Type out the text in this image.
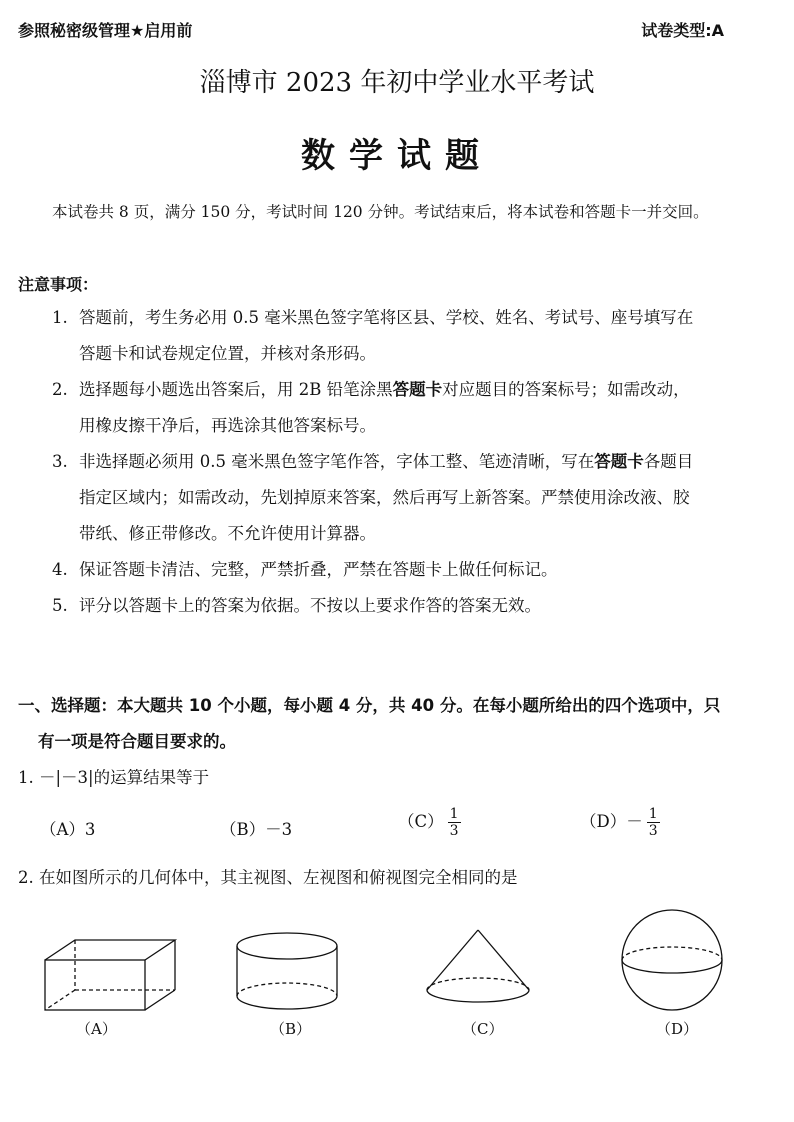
参照秘密级管理★启用前	试卷类型:A
淄博市 2023 年初中学业水平考试
数学试题
本试卷共 8 页，满分 150 分，考试时间 120 分钟。考试结束后，将本试卷和答题卡一并交回。
注意事项：
1. 答题前，考生务必用 0.5 毫米黑色签字笔将区县、学校、姓名、考试号、座号填写在
答题卡和试卷规定位置，并核对条形码。
2. 选择题每小题选出答案后，用 2B 铅笔涂黑答题卡对应题目的答案标号；如需改动，
用橡皮擦干净后，再选涂其他答案标号。
3. 非选择题必须用 0.5 毫米黑色签字笔作答，字体工整、笔迹清晰，写在答题卡各题目
指定区域内；如需改动，先划掉原来答案，然后再写上新答案。严禁使用涂改液、胶
带纸、修正带修改。不允许使用计算器。
4. 保证答题卡清洁、完整，严禁折叠，严禁在答题卡上做任何标记。
5. 评分以答题卡上的答案为依据。不按以上要求作答的答案无效。
一、选择题：本大题共 10 个小题，每小题 4 分，共 40 分。在每小题所给出的四个选项中，只
有一项是符合题目要求的。
1. －|－3|的运算结果等于
（A）3	（B）－3	$(C) \frac{1}{3}$	$(D)- \frac{1}{3}$
2. 在如图所示的几何体中，其主视图、左视图和俯视图完全相同的是
（A）	（B）	（C）	（D）
